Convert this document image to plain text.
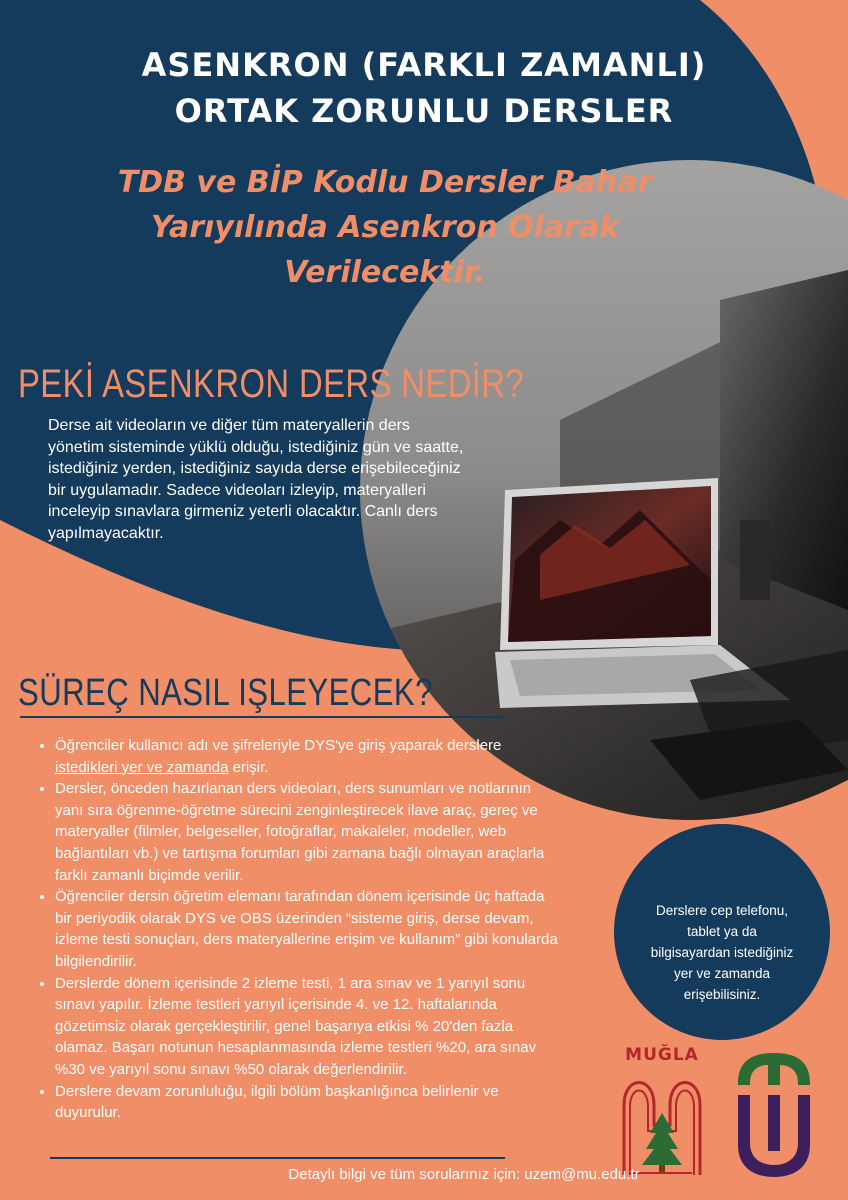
ASENKRON (FARKLI ZAMANLI)
ORTAK ZORUNLU DERSLER
TDB ve BİP Kodlu Dersler Bahar
Yarıyılında Asenkron Olarak
Verilecektir.
PEKİ ASENKRON DERS NEDİR?
Derse ait videoların ve diğer tüm materyallerin ders yönetim sisteminde yüklü olduğu, istediğiniz gün ve saatte, istediğiniz yerden, istediğiniz sayıda derse erişebileceğiniz bir uygulamadır. Sadece videoları izleyip, materyalleri inceleyip sınavlara girmeniz yeterli olacaktır. Canlı ders yapılmayacaktır.
SÜREÇ NASIL IŞLEYECEK?
• Öğrenciler kullanıcı adı ve şifreleriyle DYS'ye giriş yaparak derslere istedikleri yer ve zamanda erişir.
• Dersler, önceden hazırlanan ders videoları, ders sunumları ve notlarının yanı sıra öğrenme-öğretme sürecini zenginleştirecek ilave araç, gereç ve materyaller (filmler, belgeseller, fotoğraflar, makaleler, modeller, web bağlantıları vb.) ve tartışma forumları gibi zamana bağlı olmayan araçlarla farklı zamanlı biçimde verilir.
• Öğrenciler dersin öğretim elemanı tarafından dönem içerisinde üç haftada bir periyodik olarak DYS ve OBS üzerinden “sisteme giriş, derse devam, izleme testi sonuçları, ders materyallerine erişim ve kullanım” gibi konularda bilgilendirilir.
• Derslerde dönem içerisinde 2 izleme testi, 1 ara sınav ve 1 yarıyıl sonu sınavı yapılır. İzleme testleri yarıyıl içerisinde 4. ve 12. haftalarında gözetimsiz olarak gerçekleştirilir, genel başarıya etkisi % 20'den fazla olamaz. Başarı notunun hesaplanmasında izleme testleri %20, ara sınav %30 ve yarıyıl sonu sınavı %50 olarak değerlendirilir.
• Derslere devam zorunluluğu, ilgili bölüm başkanlığınca belirlenir ve duyurulur.
Derslere cep telefonu,
tablet ya da
bilgisayardan istediğiniz
yer ve zamanda
erişebilisiniz.
MUĞLA
Detaylı bilgi ve tüm sorularınız için: uzem@mu.edu.tr
